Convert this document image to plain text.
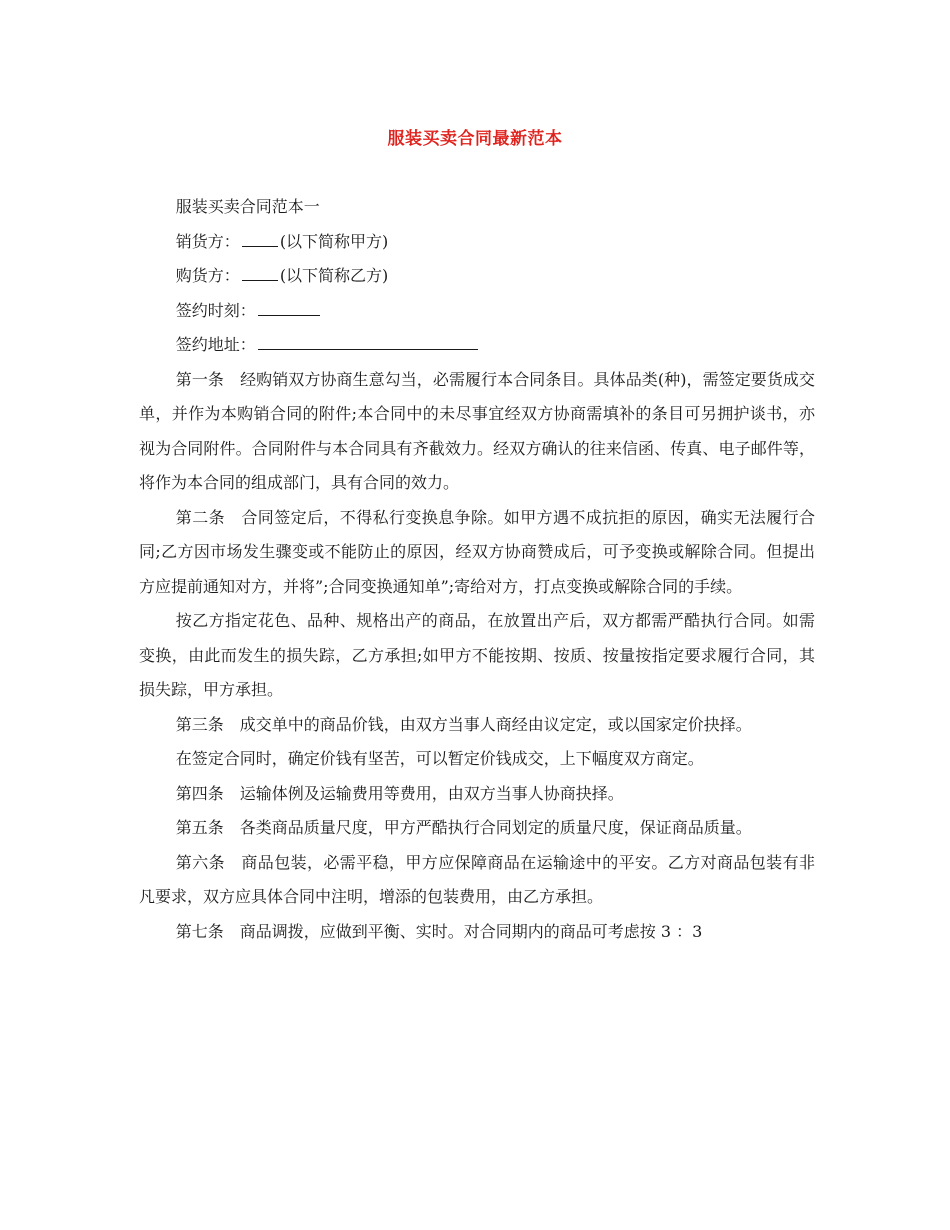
服装买卖合同最新范本

服装买卖合同范本一

销货方：	(以下简称甲方)

购货方：	(以下简称乙方)

签约时刻：

签约地址：

第一条　经购销双方协商生意勾当，必需履行本合同条目。具体品类(种)，需签定要货成交单，并作为本购销合同的附件;本合同中的未尽事宜经双方协商需填补的条目可另拥护谈书，亦视为合同附件。合同附件与本合同具有齐截效力。经双方确认的往来信函、传真、电子邮件等，将作为本合同的组成部门，具有合同的效力。

第二条　合同签定后，不得私行变换息争除。如甲方遇不成抗拒的原因，确实无法履行合同;乙方因市场发生骤变或不能防止的原因，经双方协商赞成后，可予变换或解除合同。但提出方应提前通知对方，并将”;合同变换通知单”;寄给对方，打点变换或解除合同的手续。

按乙方指定花色、品种、规格出产的商品，在放置出产后，双方都需严酷执行合同。如需变换，由此而发生的损失踪，乙方承担;如甲方不能按期、按质、按量按指定要求履行合同，其损失踪，甲方承担。

第三条　成交单中的商品价钱，由双方当事人商经由议定定，或以国家定价抉择。

在签定合同时，确定价钱有坚苦，可以暂定价钱成交，上下幅度双方商定。

第四条　运输体例及运输费用等费用，由双方当事人协商抉择。

第五条　各类商品质量尺度，甲方严酷执行合同划定的质量尺度，保证商品质量。

第六条　商品包装，必需平稳，甲方应保障商品在运输途中的平安。乙方对商品包装有非凡要求，双方应具体合同中注明，增添的包装费用，由乙方承担。

第七条　商品调拨，应做到平衡、实时。对合同期内的商品可考虑按 3 ：3
